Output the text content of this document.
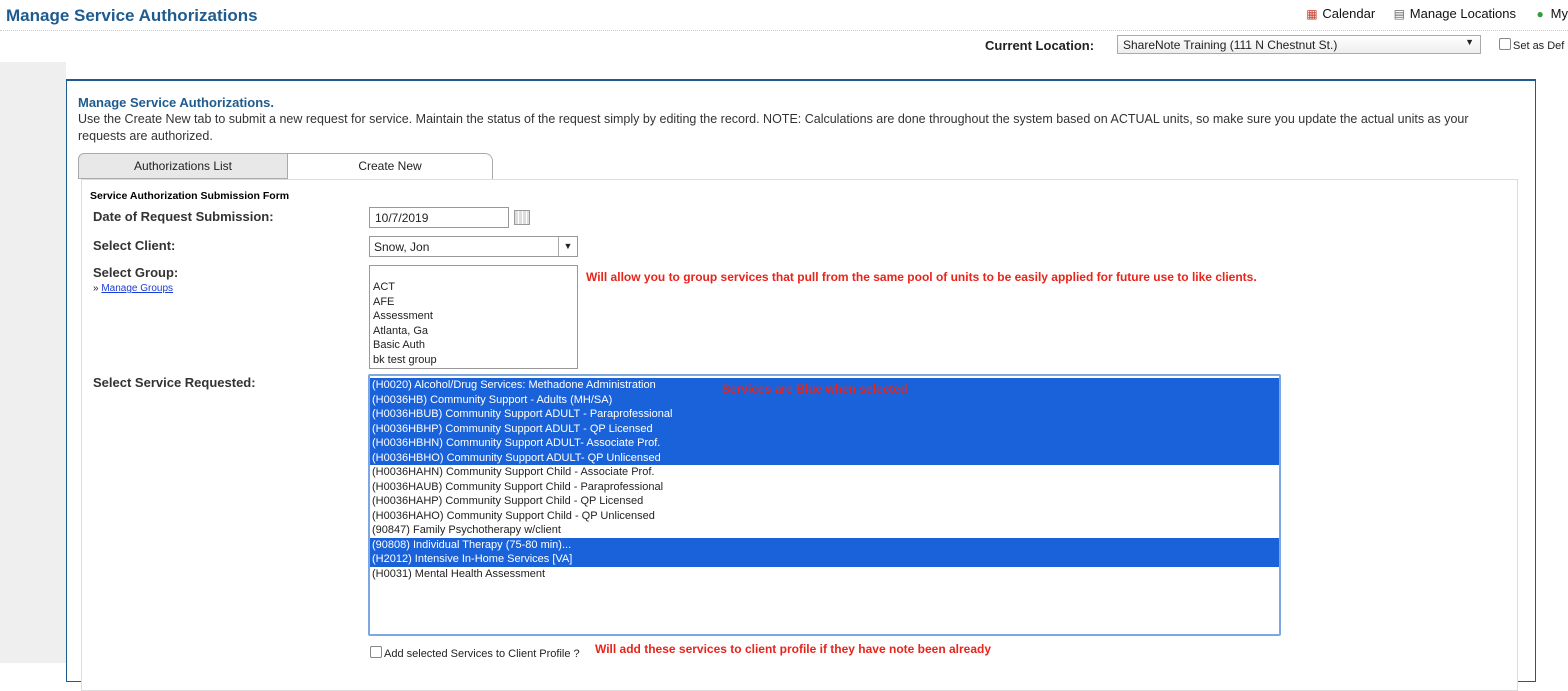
Manage Service Authorizations	▦ Calendar ▤ Manage Locations ● My
Current Location:	ShareNote Training (111 N Chestnut St.)	▼	Set as Def
Manage Service Authorizations.
Use the Create New tab to submit a new request for service. Maintain the status of the request simply by editing the record. NOTE: Calculations are done throughout the system based on ACTUAL units, so make sure you update the actual units as your requests are authorized.
Authorizations List	Create New
Service Authorization Submission Form
Date of Request Submission:	10/7/2019
Select Client:	Snow, Jon	▼
Select Group:
» Manage Groups	ACT
AFE
Assessment
Atlanta, Ga
Basic Auth
bk test group
Will allow you to group services that pull from the same pool of units to be easily applied for future use to like clients.
Select Service Requested:	Services are Blue when selected
(H0020) Alcohol/Drug Services: Methadone Administration
(H0036HB) Community Support - Adults (MH/SA)
(H0036HBUB) Community Support ADULT - Paraprofessional
(H0036HBHP) Community Support ADULT - QP Licensed
(H0036HBHN) Community Support ADULT- Associate Prof.
(H0036HBHO) Community Support ADULT- QP Unlicensed
(H0036HAHN) Community Support Child - Associate Prof.
(H0036HAUB) Community Support Child - Paraprofessional
(H0036HAHP) Community Support Child - QP Licensed
(H0036HAHO) Community Support Child - QP Unlicensed
(90847) Family Psychotherapy w/client
(90808) Individual Therapy (75-80 min)...
(H2012) Intensive In-Home Services [VA]
(H0031) Mental Health Assessment
Add selected Services to Client Profile ? Will add these services to client profile if they have note been already
